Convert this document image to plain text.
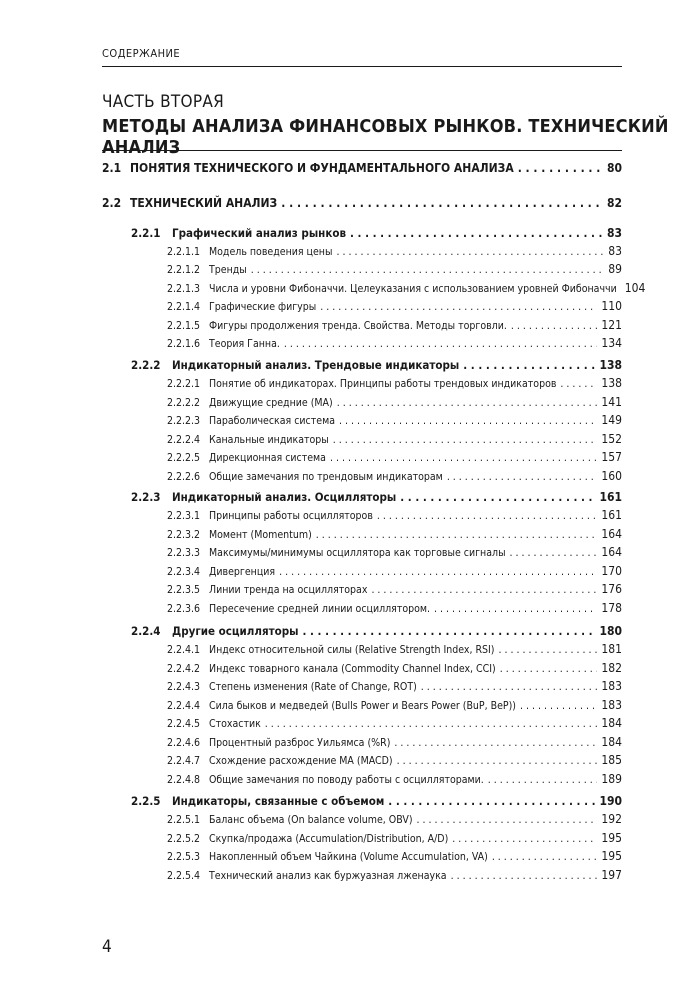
СОДЕРЖАНИЕ
ЧАСТЬ ВТОРАЯ
МЕТОДЫ АНАЛИЗА ФИНАНСОВЫХ РЫНКОВ. ТЕХНИЧЕСКИЙ АНАЛИЗ
2.1 ПОНЯТИЯ ТЕХНИЧЕСКОГО И ФУНДАМЕНТАЛЬНОГО АНАЛИЗА . . .	80
2.2 ТЕХНИЧЕСКИЙ АНАЛИЗ . . .	82
2.2.1	Графический анализ рынков . . .	83
2.2.1.1 Модель поведения цены . . .	83
2.2.1.2 Тренды . . .	89
2.2.1.3 Числа и уровни Фибоначчи. Целеуказания с использованием уровней Фибоначчи 104
2.2.1.4 Графические фигуры . . .	110
2.2.1.5 Фигуры продолжения тренда. Свойства. Методы торговли. . . .	121
2.2.1.6 Теория Ганна. . . .	134
2.2.2	Индикаторный анализ. Трендовые индикаторы . . .	138
2.2.2.1 Понятие об индикаторах. Принципы работы трендовых индикаторов . . .	138
2.2.2.2 Движущие средние (МА) . . .	141
2.2.2.3 Параболическая система . . .	149
2.2.2.4 Канальные индикаторы . . .	152
2.2.2.5 Дирекционная система . . .	157
2.2.2.6 Общие замечания по трендовым индикаторам . . .	160
2.2.3	Индикаторный анализ. Осцилляторы . . .	161
2.2.3.1 Принципы работы осцилляторов . . .	161
2.2.3.2 Момент (Momentum) . . .	164
2.2.3.3 Максимумы/минимумы осциллятора как торговые сигналы . . .	164
2.2.3.4 Дивергенция . . .	170
2.2.3.5 Линии тренда на осцилляторах . . .	176
2.2.3.6 Пересечение средней линии осциллятором. . . .	178
2.2.4	Другие осцилляторы . . .	180
2.2.4.1 Индекс относительной силы (Relative Strength Index, RSI) . . .	181
2.2.4.2 Индекс товарного канала (Commodity Channel Index, CCI) . . .	182
2.2.4.3 Степень изменения (Rate of Change, ROT) . . .	183
2.2.4.4 Сила быков и медведей (Bulls Power и Bears Power (BuP, BeP)) . . .	183
2.2.4.5 Стохастик . . .	184
2.2.4.6 Процентный разброс Уильямса (%R) . . .	184
2.2.4.7 Схождение расхождение МА (MACD) . . .	185
2.2.4.8 Общие замечания по поводу работы с осцилляторами. . . .	189
2.2.5	Индикаторы, связанные с объемом . . .	190
2.2.5.1 Баланс объема (On balance volume, OBV) . . .	192
2.2.5.2 Скупка/продажа (Accumulation/Distribution, A/D) . . .	195
2.2.5.3 Накопленный объем Чайкина (Volume Accumulation, VA) . . .	195
2.2.5.4 Технический анализ как буржуазная лженаука . . .	197
4
